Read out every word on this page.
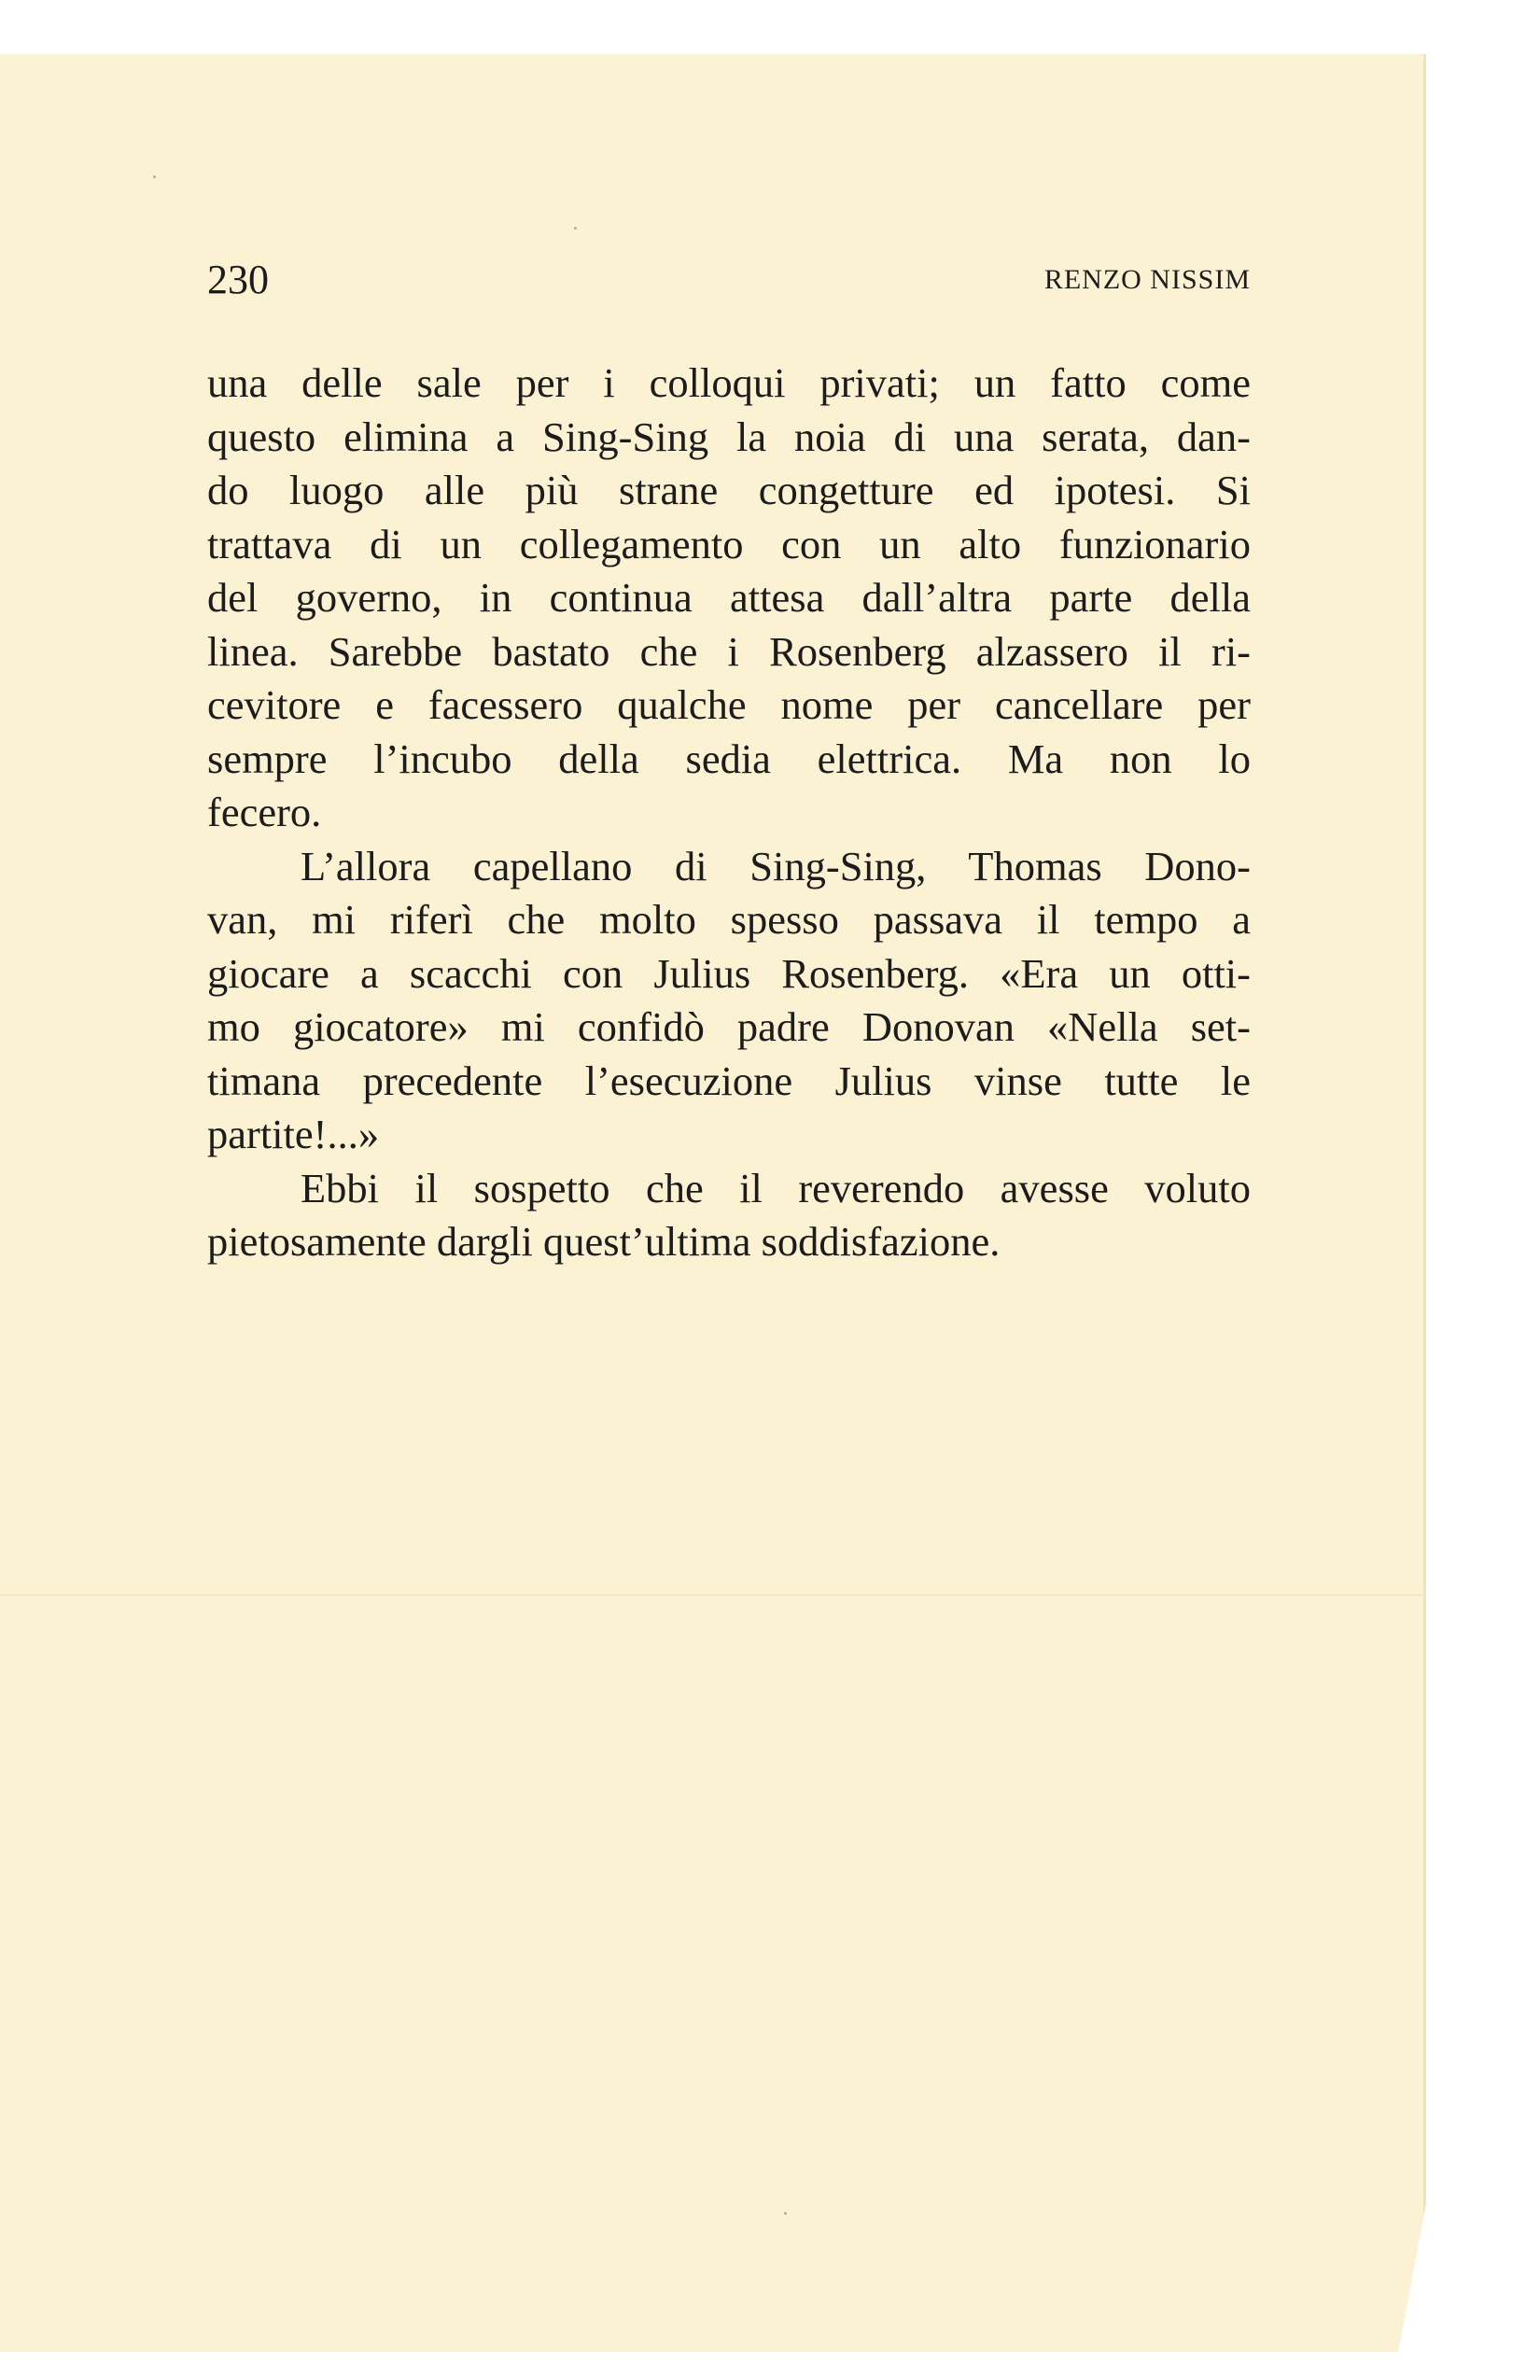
230	RENZO NISSIM

una delle sale per i colloqui privati; un fatto come

questo elimina a Sing-Sing la noia di una serata, dan-

do luogo alle più strane congetture ed ipotesi. Si

trattava di un collegamento con un alto funzionario

del governo, in continua attesa dall’altra parte della

linea. Sarebbe bastato che i Rosenberg alzassero il ri-

cevitore e facessero qualche nome per cancellare per

sempre l’incubo della sedia elettrica. Ma non lo

fecero.

L’allora capellano di Sing-Sing, Thomas Dono-

van, mi riferì che molto spesso passava il tempo a

giocare a scacchi con Julius Rosenberg. «Era un otti-

mo giocatore» mi confidò padre Donovan «Nella set-

timana precedente l’esecuzione Julius vinse tutte le

partite!...»

Ebbi il sospetto che il reverendo avesse voluto

pietosamente dargli quest’ultima soddisfazione.
